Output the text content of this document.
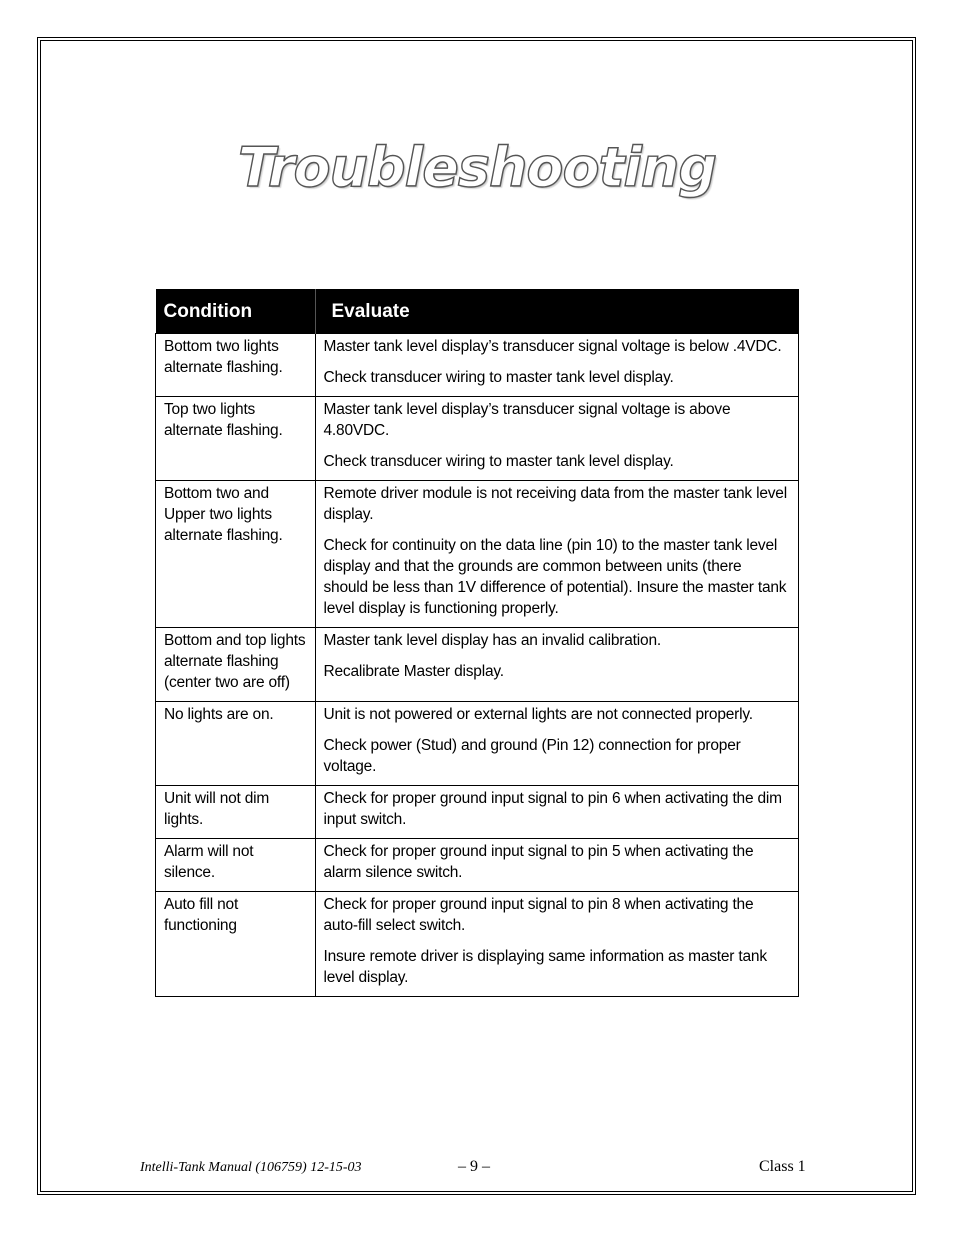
Troubleshooting
Condition	Evaluate
Bottom two lights alternate flashing.	Master tank level display’s transducer signal voltage is below .4VDC.

Check transducer wiring to master tank level display.

Top two lights alternate flashing.	Master tank level display’s transducer signal voltage is above 4.80VDC.

Check transducer wiring to master tank level display.

Bottom two and Upper two lights alternate flashing.	Remote driver module is not receiving data from the master tank level display.

Check for continuity on the data line (pin 10) to the master tank level display and that the grounds are common between units (there should be less than 1V difference of potential). Insure the master tank level display is functioning properly.

Bottom and top lights alternate flashing (center two are off)	Master tank level display has an invalid calibration.

Recalibrate Master display.

No lights are on.	Unit is not powered or external lights are not connected properly.

Check power (Stud) and ground (Pin 12) connection for proper voltage.

Unit will not dim lights.	Check for proper ground input signal to pin 6 when activating the dim input switch.

Alarm will not silence.	Check for proper ground input signal to pin 5 when activating the alarm silence switch.

Auto fill not functioning	Check for proper ground input signal to pin 8 when activating the auto-fill select switch.

Insure remote driver is displaying same information as master tank level display.

Intelli-Tank Manual (106759) 12-15-03	– 9 –	Class 1
